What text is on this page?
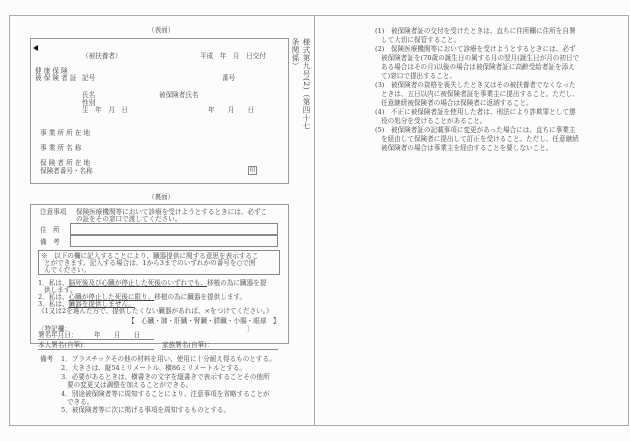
（表面）
（被扶養者）	平成　年　月　日交付
健 康 保 険
被 保 険 者 証 記号	番号
氏名	被保険者氏名
性別
生　年　月　日	年　　月　　日
事 業 所 所 在 地
事 業 所 名 称
保 険 者 所 在 地
保険者番号・名称	印
様式第九号(2)（第四十七条関係）
（裏面）
注意事項 保険医療機関等において診療を受けようとするときには、必ずこ
の証をその窓口で渡してください。
住　所
備　考
※　以下の欄に記入することにより、臓器提供に関する意思を表示するこ
とができます。記入する場合は、1から3までのいずれかの番号を○で囲
んでください。
1．私は、脳死後及び心臓が停止した死後のいずれでも、移植の為に臓器を提
供します。
2．私は、心臓が停止した死後に限り、移植の為に臓器を提供します。
3．私は、臓器を提供しません。
《1又は2を選んだ方で、提供したくない臓器があれば、×をつけてください。》
【　心臓・肺・肝臓・腎臓・膵臓・小腸・眼球　】
〔特記欄：	〕
署名年月日：　　　年　　月　　日
本人署名(自筆)：	家族署名(自筆)：
備考 1．プラスチックその他の材料を用い、使用に十分耐え得るものとする。
2．大きさは、縦54ミリメートル、横86ミリメートルとする。
3．必要があるときは、横書きの文字を縦書きで表示することその他所
要の変更又は調整を加えることができる。
4．別途被保険者等に周知することにより、注意事項を省略することが
できる。
5．被保険者等に次に掲げる事項を周知するものとする。
(1)　被保険者証の交付を受けたときは、直ちに住所欄に住所を自署
して大切に保管すること。
(2)　保険医療機関等において診療を受けようとするときには、必ず
被保険者証を(70歳の誕生日の属する月の翌月(誕生日が月の初日で
ある場合はその月)以後の場合は被保険者証に高齢受給者証を添え
て)窓口で提出すること。
(3)　被保険者の資格を喪失したとき又はその被扶養者でなくなった
ときは、五日以内に被保険者証を事業主に提出すること。ただし、
任意継続被保険者の場合は保険者に返納すること。
(4)　不正に被保険者証を使用した者は、刑法により詐欺罪として懲
役の処分を受けることがあること。
(5)　被保険者証の記載事項に変更があった場合には、直ちに事業主
を経由して保険者に提出して訂正を受けること。ただし、任意継続
被保険者の場合は事業主を経由することを要しないこと。
